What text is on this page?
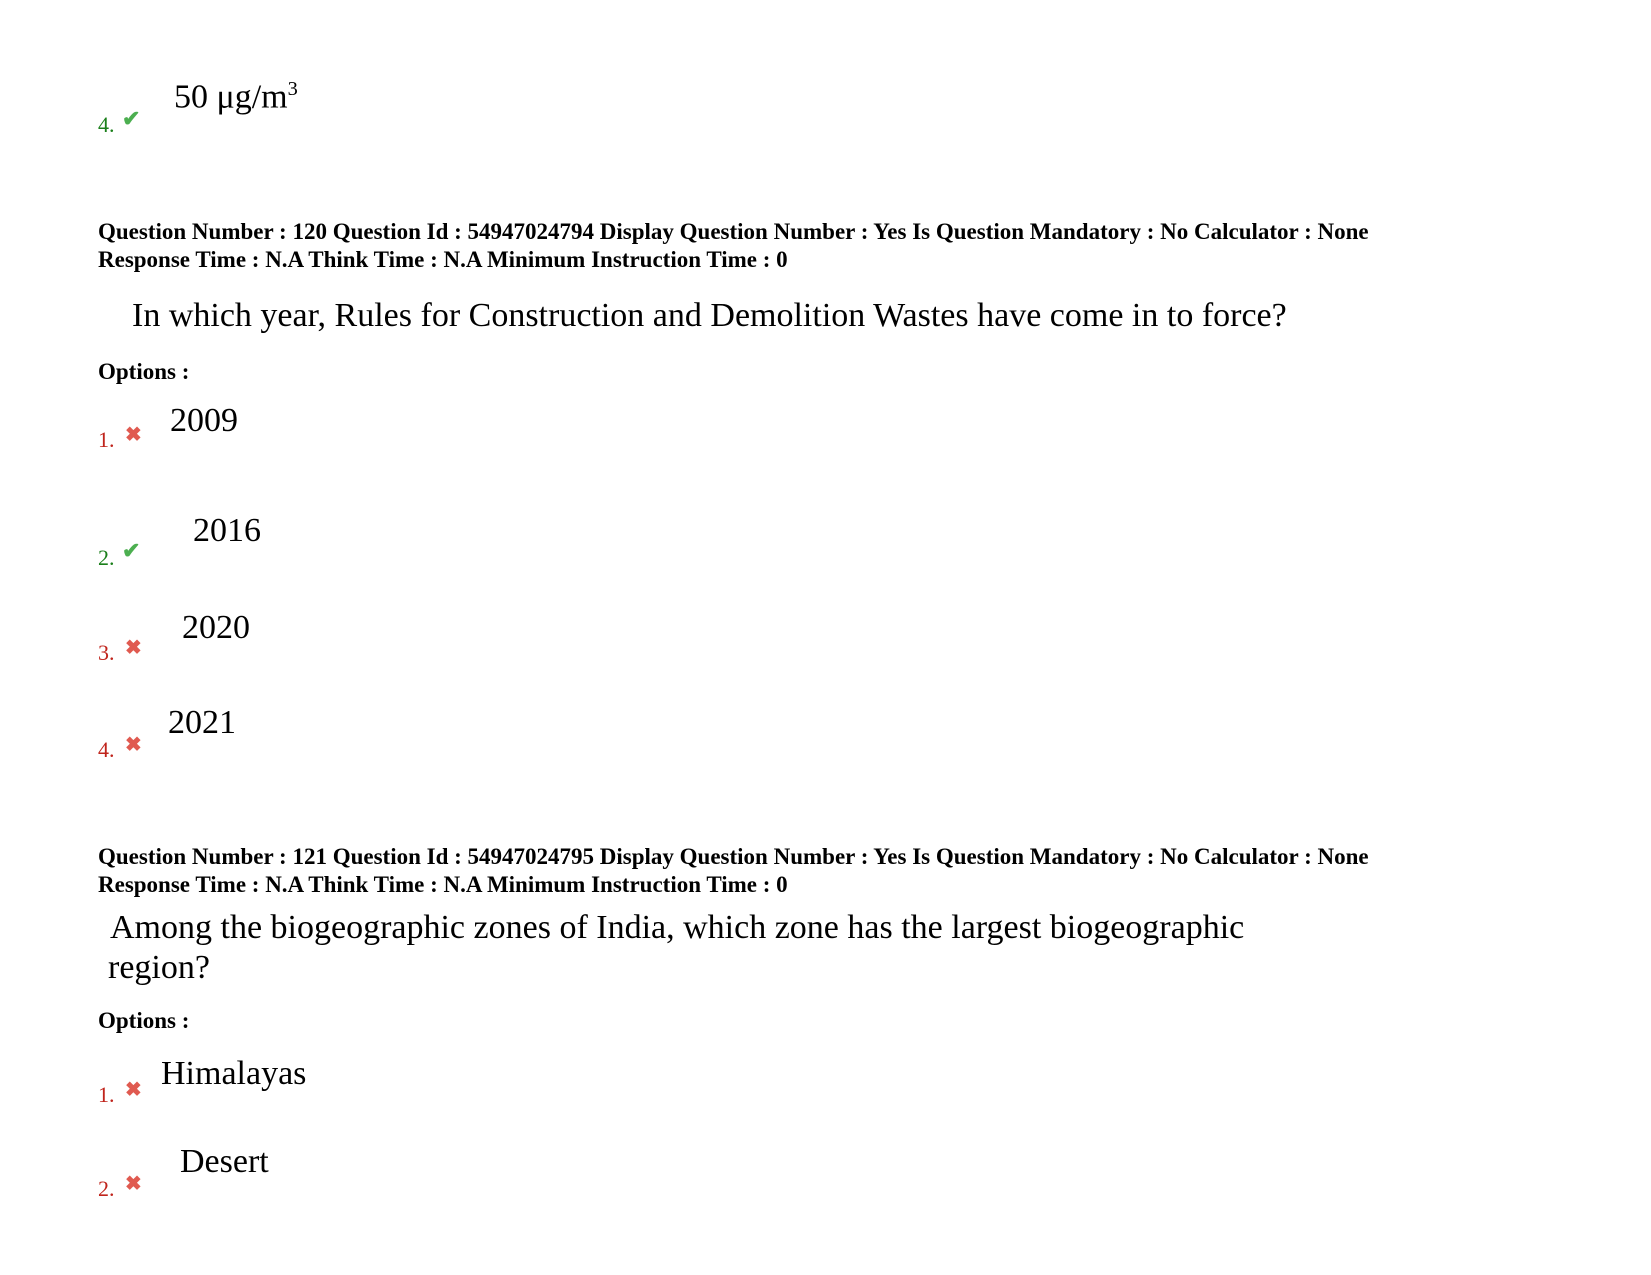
4. ✔
50 $\mu g/m^3$
Question Number : 120 Question Id : 54947024794 Display Question Number : Yes Is Question Mandatory : No Calculator : None
Response Time : N.A Think Time : N.A Minimum Instruction Time : 0
In which year, Rules for Construction and Demolition Wastes have come in to force?
Options :
1. ✖ 2009
2. ✔
2016
3. ✖
2020
4. ✖
2021
Question Number : 121 Question Id : 54947024795 Display Question Number : Yes Is Question Mandatory : No Calculator : None
Response Time : N.A Think Time : N.A Minimum Instruction Time : 0
Among the biogeographic zones of India, which zone has the largest biogeographic
region?
Options :
1. ✖ Himalayas
2. ✖
Desert
